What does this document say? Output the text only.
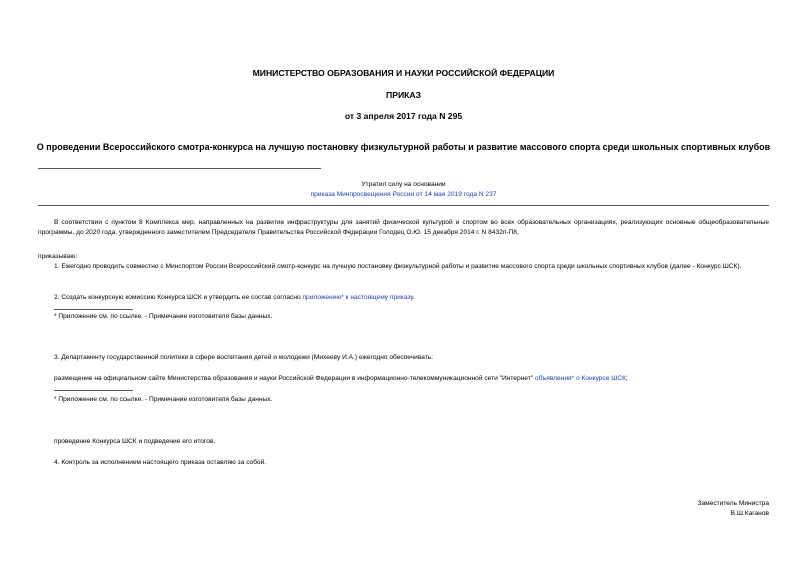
МИНИСТЕРСТВО ОБРАЗОВАНИЯ И НАУКИ РОССИЙСКОЙ ФЕДЕРАЦИИ
ПРИКАЗ
от 3 апреля 2017 года N 295
О проведении Всероссийского смотра-конкурса на лучшую постановку физкультурной работы и развитие массового спорта среди школьных спортивных клубов
Утратил силу на основании
приказа Минпросвещения России от 14 мая 2019 года N 237
В соответствии с пунктом 8 Комплекса мер, направленных на развитие инфраструктуры для занятий физической культурой и спортом во всех образовательных организациях, реализующих основные общеобразовательные программы, до 2020 года, утвержденного заместителем Председателя Правительства Российской Федерации Голодец О.Ю. 15 декабря 2014 г. N 8432п-П8,
приказываю:
1. Ежегодно проводить совместно с Минспортом России Всероссийский смотр-конкурс на лучшую постановку физкультурной работы и развитие массового спорта среди школьных спортивных клубов (далее - Конкурс ШСК).
2. Создать конкурсную комиссию Конкурса ШСК и утвердить ее состав согласно приложению* к настоящему приказу.
* Приложение см. по ссылке. - Примечание изготовителя базы данных.
3. Департаменту государственной политики в сфере воспитания детей и молодежи (Михееву И.А.) ежегодно обеспечивать:
размещение на официальном сайте Министерства образования и науки Российской Федерации в информационно-телекоммуникационной сети "Интернет" объявления* о Конкурсе ШСК;
* Приложение см. по ссылке. - Примечание изготовителя базы данных.
проведение Конкурса ШСК и подведение его итогов.
4. Контроль за исполнением настоящего приказа оставляю за собой.
Заместитель Министра
В.Ш.Каганов
